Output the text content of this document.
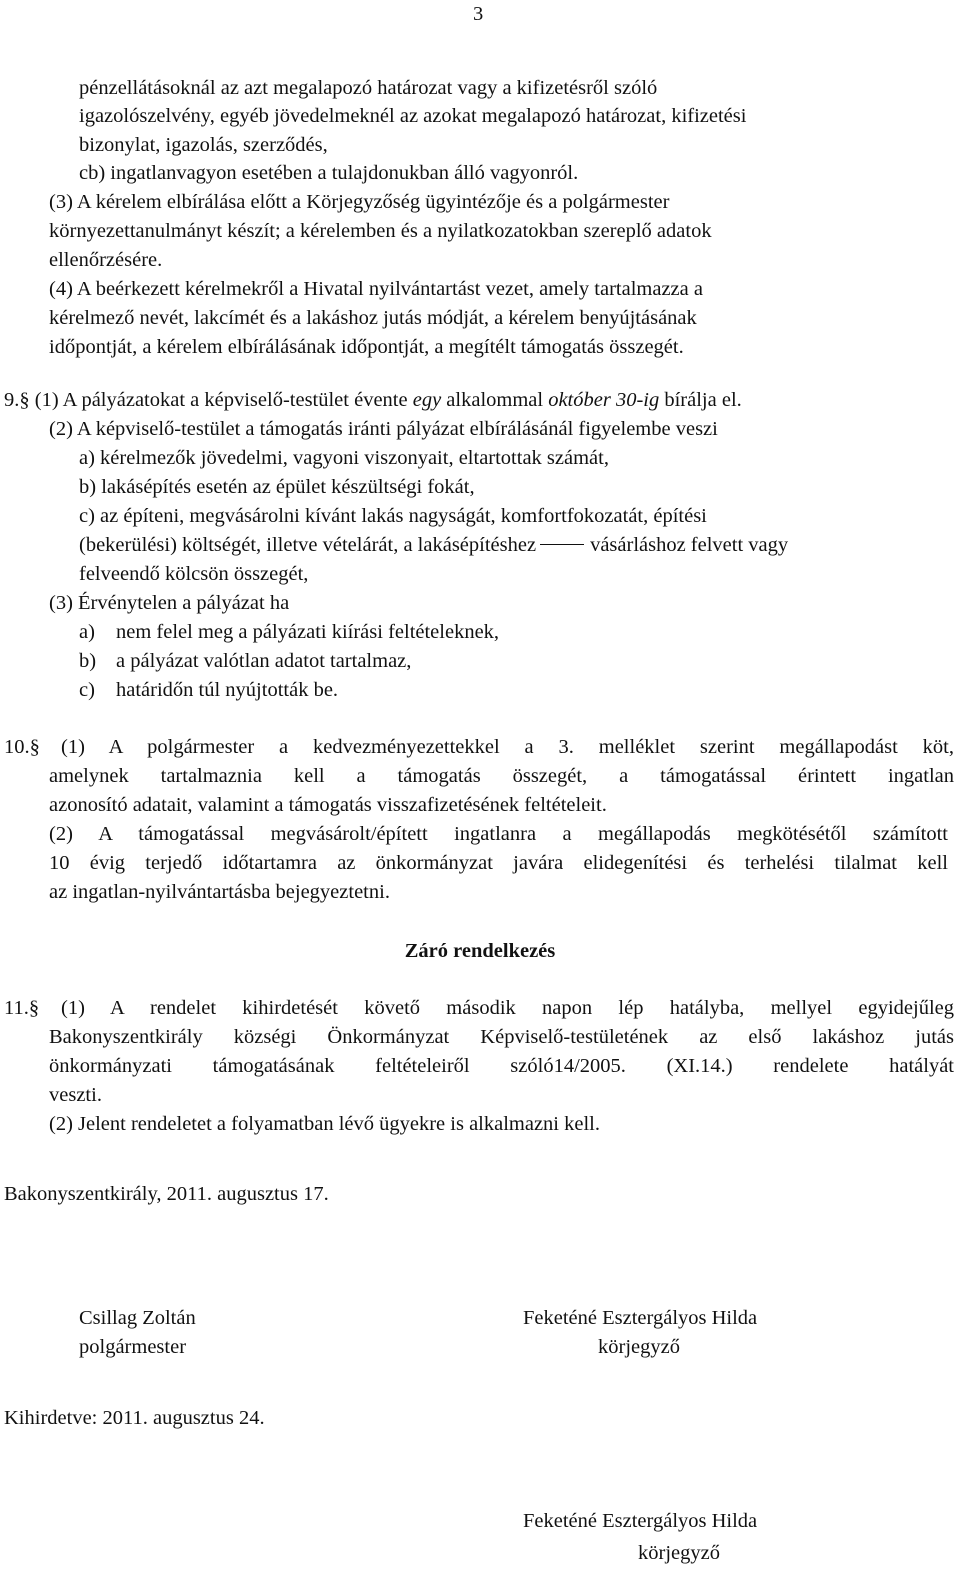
3
pénzellátásoknál az azt megalapozó határozat vagy a kifizetésről szóló
igazolószelvény, egyéb jövedelmeknél az azokat megalapozó határozat, kifizetési
bizonylat, igazolás, szerződés,
cb) ingatlanvagyon esetében a tulajdonukban álló vagyonról.
(3) A kérelem elbírálása előtt a Körjegyzőség ügyintézője és a polgármester
környezettanulmányt készít; a kérelemben és a nyilatkozatokban szereplő adatok
ellenőrzésére.
(4) A beérkezett kérelmekről a Hivatal nyilvántartást vezet, amely tartalmazza a
kérelmező nevét, lakcímét és a lakáshoz jutás módját, a kérelem benyújtásának
időpontját, a kérelem elbírálásának időpontját, a megítélt támogatás összegét.
9.§ (1) A pályázatokat a képviselő-testület évente egy alkalommal október 30-ig bírálja el.
(2) A képviselő-testület a támogatás iránti pályázat elbírálásánál figyelembe veszi
a) kérelmezők jövedelmi, vagyoni viszonyait, eltartottak számát,
b) lakásépítés esetén az épület készültségi fokát,
c) az építeni, megvásárolni kívánt lakás nagyságát, komfortfokozatát, építési
(bekerülési) költségét, illetve vételárát, a lakásépítéshez	vásárláshoz felvett vagy
felveendő kölcsön összegét,
(3) Érvénytelen a pályázat ha
a) nem felel meg a pályázati kiírási feltételeknek,
b) a pályázat valótlan adatot tartalmaz,
c) határidőn túl nyújtották be.
10.§ (1) A polgármester a kedvezményezettekkel a 3. melléklet szerint megállapodást köt,
amelynek tartalmaznia kell a támogatás összegét, a támogatással érintett ingatlan
azonosító adatait, valamint a támogatás visszafizetésének feltételeit.
(2) A támogatással megvásárolt/épített ingatlanra a megállapodás megkötésétől számított
10 évig terjedő időtartamra az önkormányzat javára elidegenítési és terhelési tilalmat kell
az ingatlan-nyilvántartásba bejegyeztetni.
Záró rendelkezés
11.§ (1) A rendelet kihirdetését követő második napon lép hatályba, mellyel egyidejűleg
Bakonyszentkirály községi Önkormányzat Képviselő-testületének az első lakáshoz jutás
önkormányzati támogatásának feltételeiről szóló14/2005. (XI.14.) rendelete hatályát
veszti.
(2) Jelent rendeletet a folyamatban lévő ügyekre is alkalmazni kell.
Bakonyszentkirály, 2011. augusztus 17.
Csillag Zoltán
polgármester
Feketéné Esztergályos Hilda
körjegyző
Kihirdetve: 2011. augusztus 24.
Feketéné Esztergályos Hilda
körjegyző
